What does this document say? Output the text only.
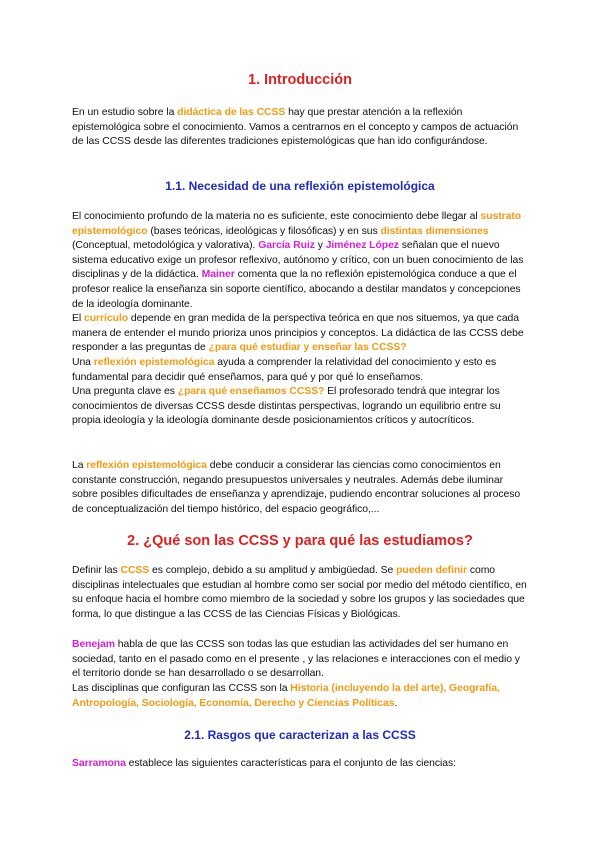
1. Introducción

En un estudio sobre la didáctica de las CCSS hay que prestar atención a la reflexión epistemológica sobre el conocimiento. Vamos a centrarnos en el concepto y campos de actuación de las CCSS desde las diferentes tradiciones epistemológicas que han ido configurándose.

1.1. Necesidad de una reflexión epistemológica

El conocimiento profundo de la materia no es suficiente, este conocimiento debe llegar al sustrato epistemológico (bases teóricas, ideológicas y filosóficas) y en sus distintas dimensiones (Conceptual, metodológica y valorativa). García Ruiz y Jiménez López señalan que el nuevo sistema educativo exige un profesor reflexivo, autónomo y crítico, con un buen conocimiento de las disciplinas y de la didáctica. Mainer comenta que la no reflexión epistemológica conduce a que el profesor realice la enseñanza sin soporte científico, abocando a destilar mandatos y concepciones de la ideología dominante.

El currículo depende en gran medida de la perspectiva teórica en que nos situemos, ya que cada manera de entender el mundo prioriza unos principios y conceptos. La didáctica de las CCSS debe responder a las preguntas de ¿para qué estudiar y enseñar las CCSS?

Una reflexión epistemológica ayuda a comprender la relatividad del conocimiento y esto es fundamental para decidir qué enseñamos, para qué y por qué lo enseñamos.

Una pregunta clave es ¿para qué enseñamos CCSS? El profesorado tendrá que integrar los conocimientos de diversas CCSS desde distintas perspectivas, logrando un equilibrio entre su propia ideología y la ideología dominante desde posicionamientos críticos y autocríticos.

La reflexión epistemológica debe conducir a considerar las ciencias como conocimientos en constante construcción, negando presupuestos universales y neutrales. Además debe iluminar sobre posibles dificultades de enseñanza y aprendizaje, pudiendo encontrar soluciones al proceso de conceptualización del tiempo histórico, del espacio geográfico,...

2. ¿Qué son las CCSS y para qué las estudiamos?

Definir las CCSS es complejo, debido a su amplitud y ambigüedad. Se pueden definir como disciplinas intelectuales que estudian al hombre como ser social por medio del método científico, en su enfoque hacia el hombre como miembro de la sociedad y sobre los grupos y las sociedades que forma, lo que distingue a las CCSS de las Ciencias Físicas y Biológicas.

Benejam habla de que las CCSS son todas las que estudian las actividades del ser humano en sociedad, tanto en el pasado como en el presente , y las relaciones e interacciones con el medio y el territorio donde se han desarrollado o se desarrollan.

Las disciplinas que configuran las CCSS son la Historia (incluyendo la del arte), Geografía, Antropología, Sociología, Economía, Derecho y Ciencias Políticas.

2.1. Rasgos que caracterizan a las CCSS

Sarramona establece las siguientes características para el conjunto de las ciencias:
